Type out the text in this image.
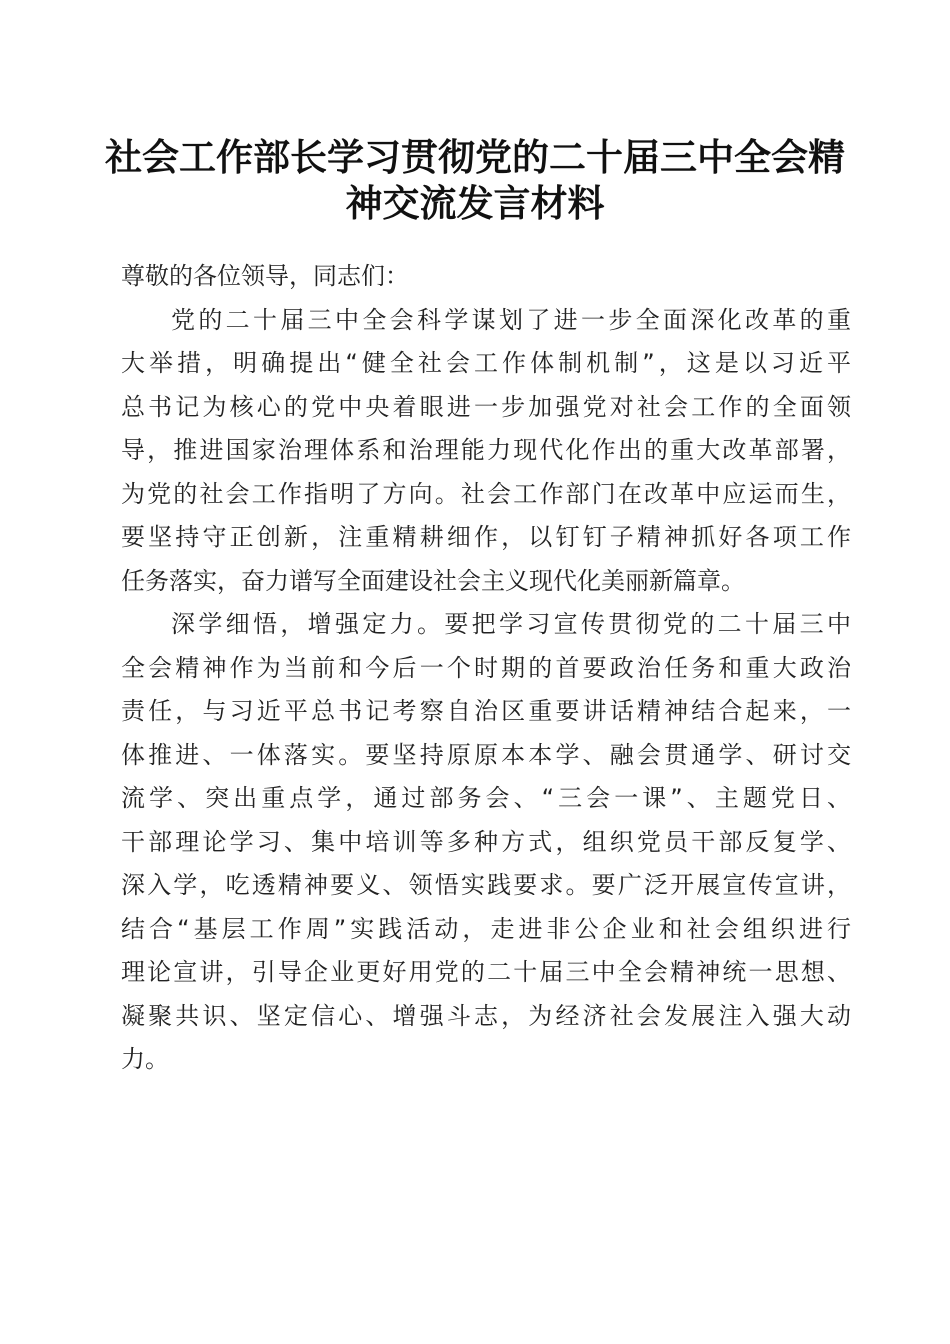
社会工作部长学习贯彻党的二十届三中全会精
神交流发言材料
尊敬的各位领导，同志们：
党的二十届三中全会科学谋划了进一步全面深化改革的重
大举措，明确提出“健全社会工作体制机制”，这是以习近平
总书记为核心的党中央着眼进一步加强党对社会工作的全面领
导，推进国家治理体系和治理能力现代化作出的重大改革部署，
为党的社会工作指明了方向。社会工作部门在改革中应运而生，
要坚持守正创新，注重精耕细作，以钉钉子精神抓好各项工作
任务落实，奋力谱写全面建设社会主义现代化美丽新篇章。
深学细悟，增强定力。要把学习宣传贯彻党的二十届三中
全会精神作为当前和今后一个时期的首要政治任务和重大政治
责任，与习近平总书记考察自治区重要讲话精神结合起来，一
体推进、一体落实。要坚持原原本本学、融会贯通学、研讨交
流学、突出重点学，通过部务会、“三会一课”、主题党日、
干部理论学习、集中培训等多种方式，组织党员干部反复学、
深入学，吃透精神要义、领悟实践要求。要广泛开展宣传宣讲，
结合“基层工作周”实践活动，走进非公企业和社会组织进行
理论宣讲，引导企业更好用党的二十届三中全会精神统一思想、
凝聚共识、坚定信心、增强斗志，为经济社会发展注入强大动
力。
